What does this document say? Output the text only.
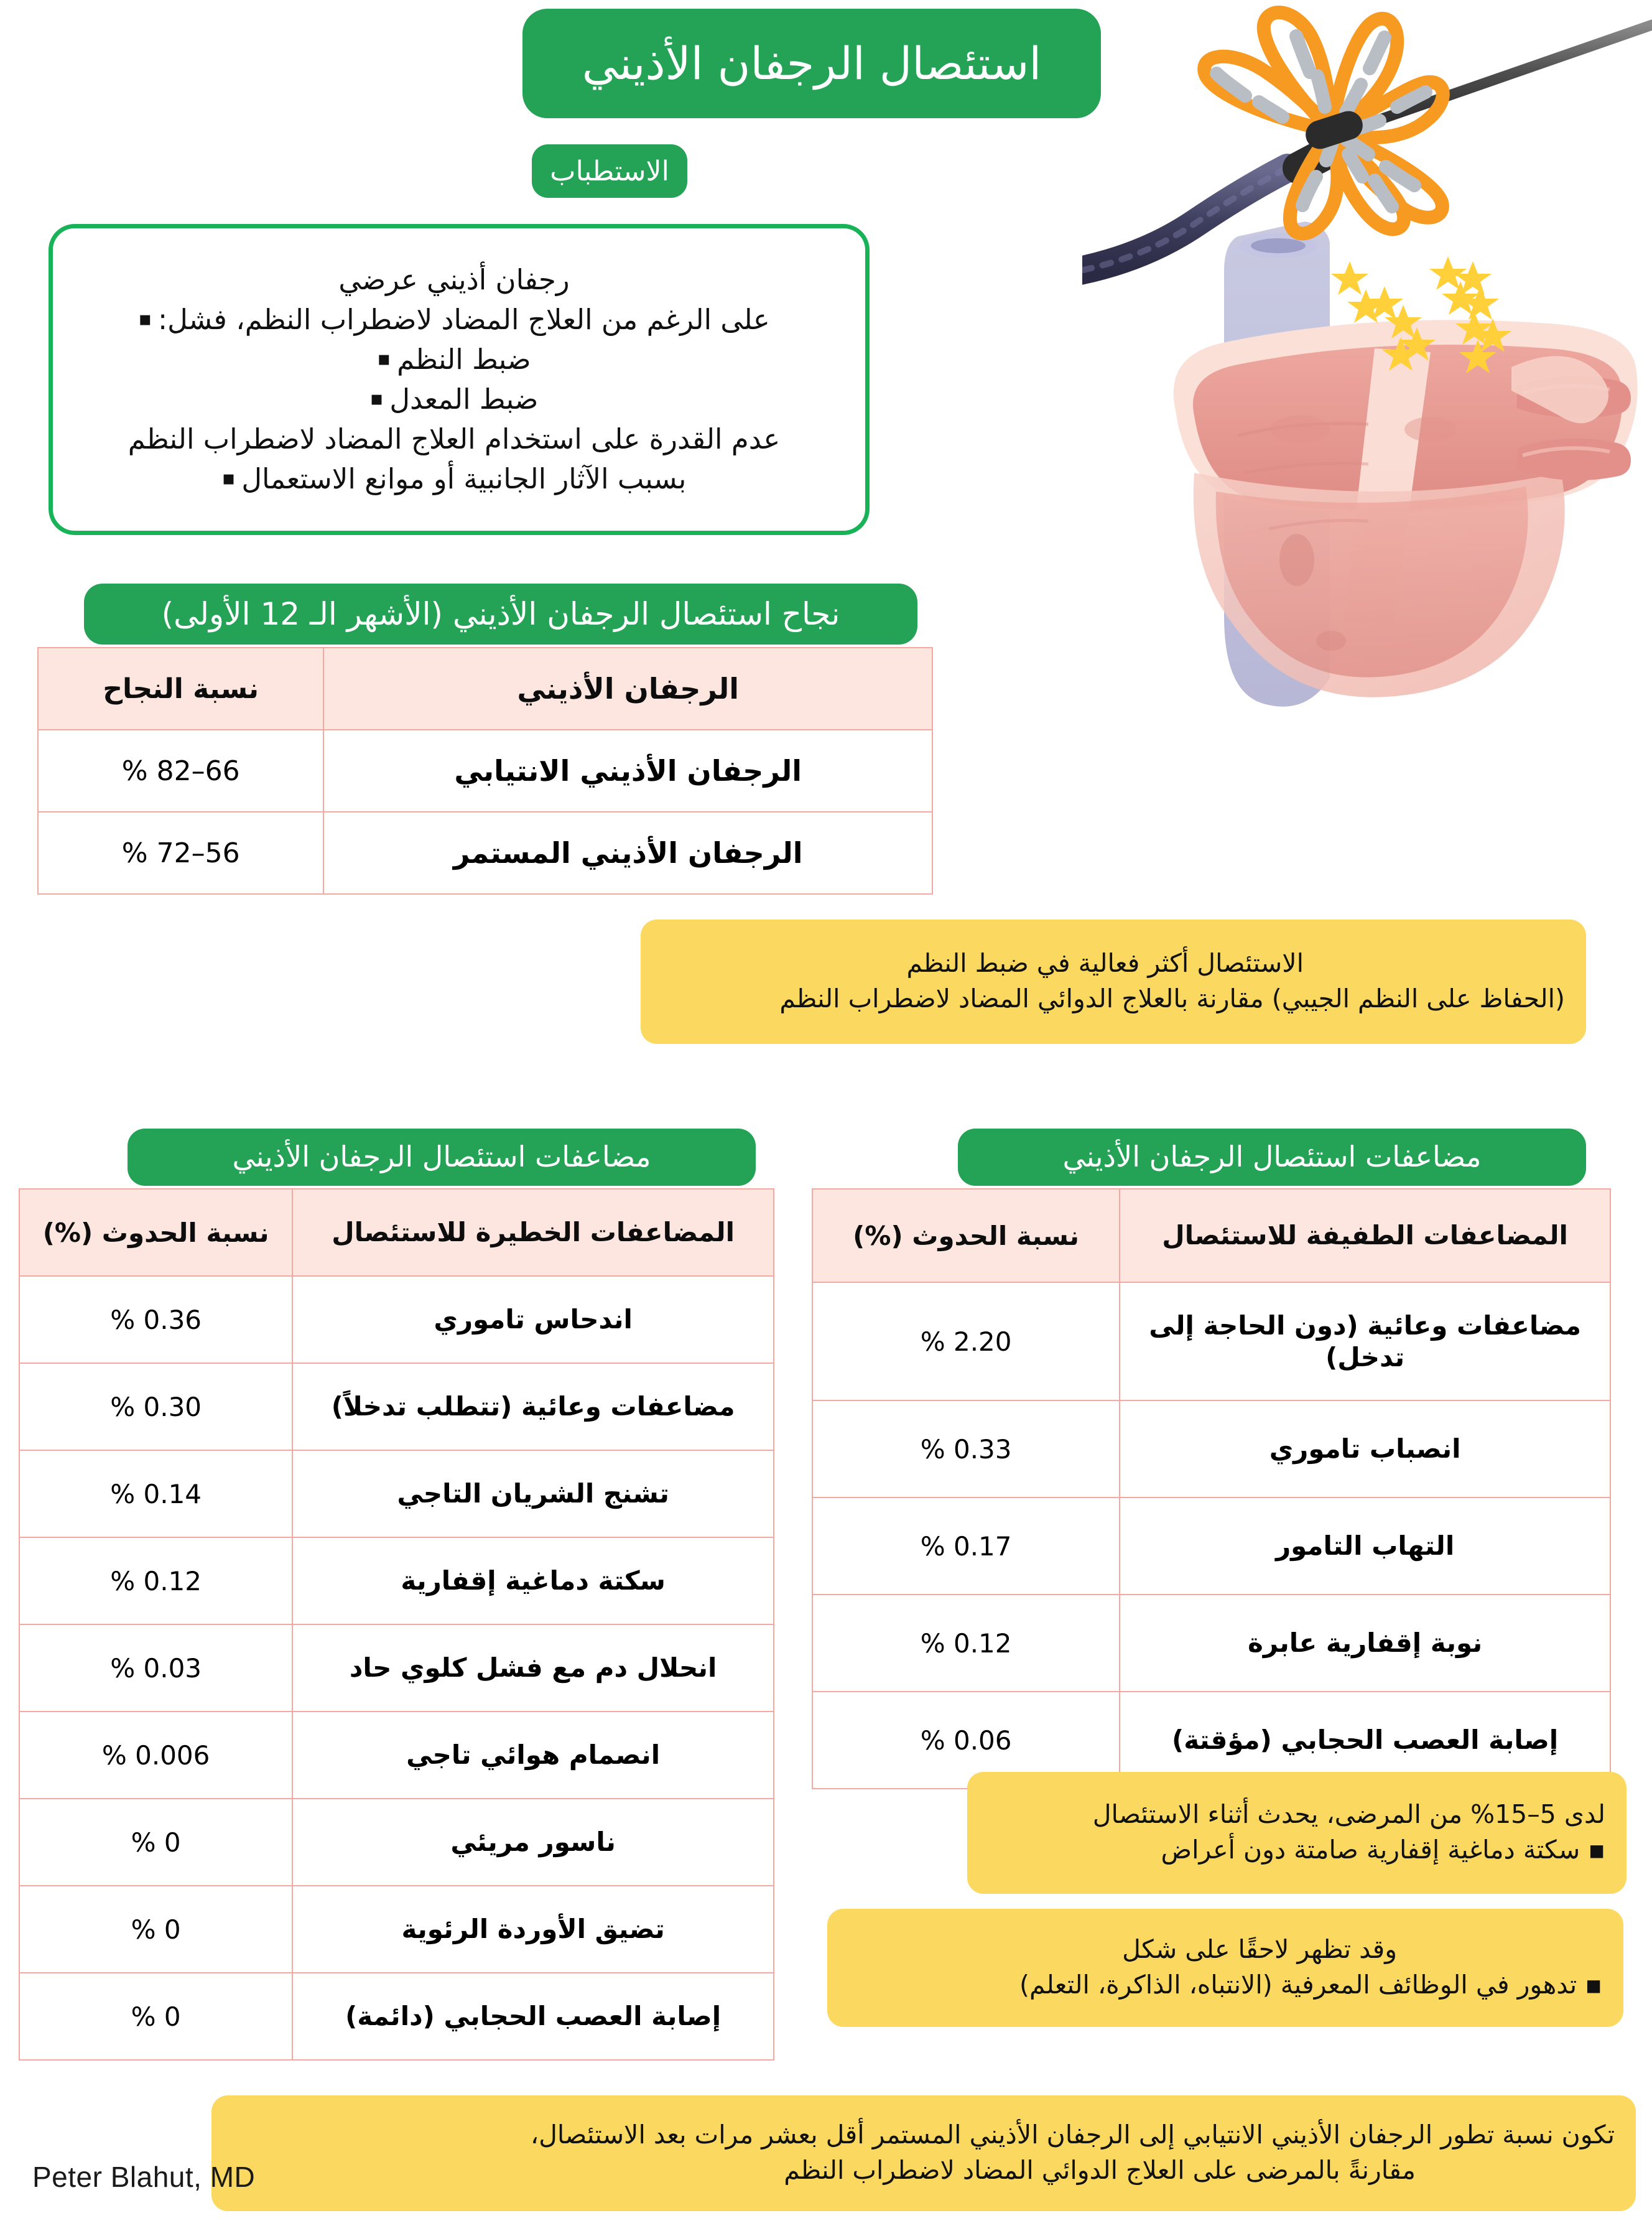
استئصال الرجفان الأذيني
الاستطباب
رجفان أذيني عرضي
على الرغم من العلاج المضاد لاضطراب النظم، فشل: ▪
ضبط النظم ▪
ضبط المعدل ▪
عدم القدرة على استخدام العلاج المضاد لاضطراب النظم
بسبب الآثار الجانبية أو موانع الاستعمال ▪
نجاح استئصال الرجفان الأذيني (الأشهر الـ 12 الأولى)
الرجفان الأذيني	نسبة النجاح
الرجفان الأذيني الانتيابي	66–82 %
الرجفان الأذيني المستمر	56–72 %
الاستئصال أكثر فعالية في ضبط النظم
(الحفاظ على النظم الجيبي) مقارنة بالعلاج الدوائي المضاد لاضطراب النظم
مضاعفات استئصال الرجفان الأذيني
المضاعفات الخطيرة للاستئصال	نسبة الحدوث (%)
اندحاس تاموري	0.36 %
مضاعفات وعائية (تتطلب تدخلاً)	0.30 %
تشنج الشريان التاجي	0.14 %
سكتة دماغية إقفارية	0.12 %
انحلال دم مع فشل كلوي حاد	0.03 %
انصمام هوائي تاجي	0.006 %
ناسور مريئي	0 %
تضيق الأوردة الرئوية	0 %
إصابة العصب الحجابي (دائمة)	0 %
مضاعفات استئصال الرجفان الأذيني
المضاعفات الطفيفة للاستئصال	نسبة الحدوث (%)
مضاعفات وعائية (دون الحاجة إلى تدخل)	2.20 %
انصباب تاموري	0.33 %
التهاب التامور	0.17 %
نوبة إقفارية عابرة	0.12 %
إصابة العصب الحجابي (مؤقتة)	0.06 %
لدى 5–15% من المرضى، يحدث أثناء الاستئصال
▪ سكتة دماغية إقفارية صامتة دون أعراض
وقد تظهر لاحقًا على شكل
▪ تدهور في الوظائف المعرفية (الانتباه، الذاكرة، التعلم)
تكون نسبة تطور الرجفان الأذيني الانتيابي إلى الرجفان الأذيني المستمر أقل بعشر مرات بعد الاستئصال،
مقارنةً بالمرضى على العلاج الدوائي المضاد لاضطراب النظم
Peter Blahut, MD
